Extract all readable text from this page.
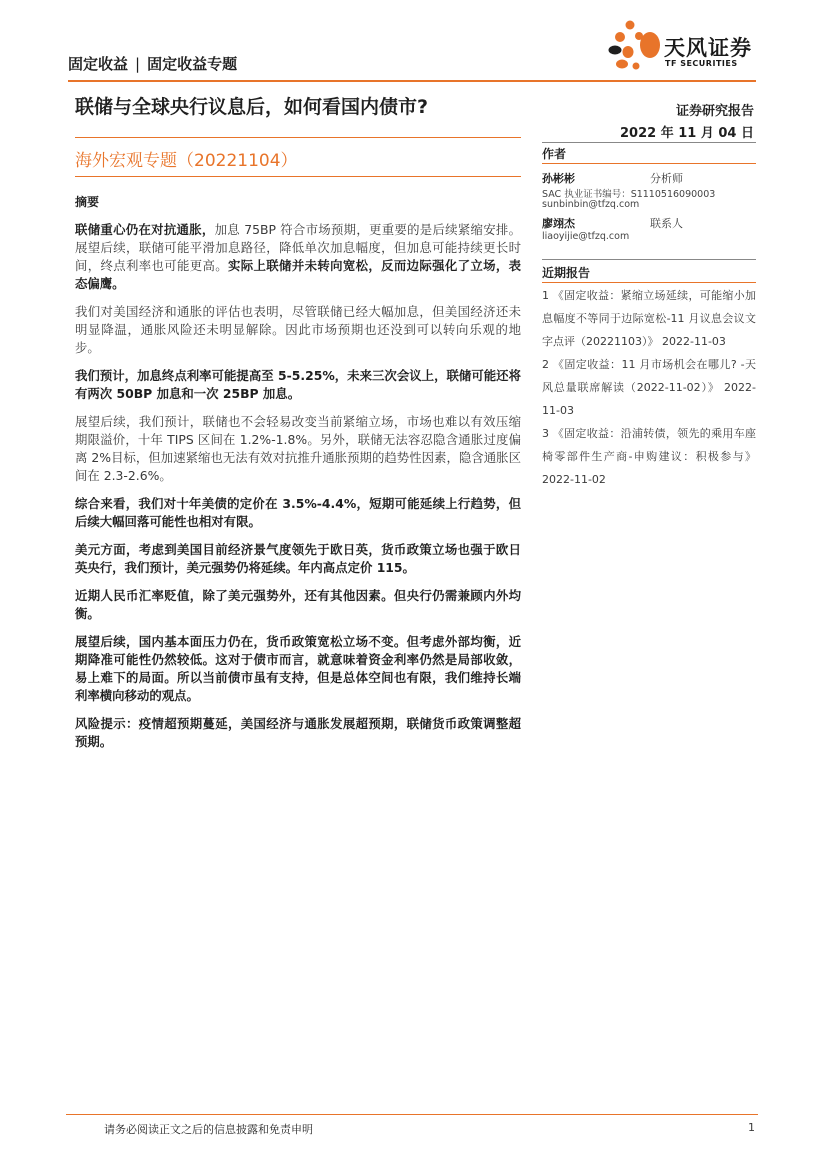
固定收益 | 固定收益专题
天风证券
TF SECURITIES
联储与全球央行议息后，如何看国内债市?	证券研究报告
2022 年 11 月 04 日
海外宏观专题（20221104）
摘要

联储重心仍在对抗通胀，加息 75BP 符合市场预期，更重要的是后续紧缩安排。展望后续，联储可能平滑加息路径，降低单次加息幅度，但加息可能持续更长时间，终点利率也可能更高。实际上联储并未转向宽松，反而边际强化了立场，表态偏鹰。

我们对美国经济和通胀的评估也表明，尽管联储已经大幅加息，但美国经济还未明显降温，通胀风险还未明显解除。因此市场预期也还没到可以转向乐观的地步。

我们预计，加息终点利率可能提高至 5-5.25%，未来三次会议上，联储可能还将有两次 50BP 加息和一次 25BP 加息。

展望后续，我们预计，联储也不会轻易改变当前紧缩立场，市场也难以有效压缩期限溢价，十年 TIPS 区间在 1.2%-1.8%。另外，联储无法容忍隐含通胀过度偏离 2%目标，但加速紧缩也无法有效对抗推升通胀预期的趋势性因素，隐含通胀区间在 2.3-2.6%。

综合来看，我们对十年美债的定价在 3.5%-4.4%，短期可能延续上行趋势，但后续大幅回落可能性也相对有限。

美元方面，考虑到美国目前经济景气度领先于欧日英，货币政策立场也强于欧日英央行，我们预计，美元强势仍将延续。年内高点定价 115。

近期人民币汇率贬值，除了美元强势外，还有其他因素。但央行仍需兼顾内外均衡。

展望后续，国内基本面压力仍在，货币政策宽松立场不变。但考虑外部均衡，近期降准可能性仍然较低。这对于债市而言，就意味着资金利率仍然是局部收敛，易上难下的局面。所以当前债市虽有支持，但是总体空间也有限，我们维持长端利率横向移动的观点。

风险提示：疫情超预期蔓延，美国经济与通胀发展超预期，联储货币政策调整超预期。

作者
孙彬彬	分析师
SAC 执业证书编号：S1110516090003
sunbinbin@tfzq.com
廖翊杰	联系人
liaoyijie@tfzq.com
近期报告
1 《固定收益：紧缩立场延续，可能缩小加息幅度不等同于边际宽松-11 月议息会议文字点评（20221103）》 2022-11-03
2 《固定收益：11 月市场机会在哪儿? -天风总量联席解读（2022-11-02）》 2022-11-03
3 《固定收益：沿浦转债，领先的乘用车座椅零部件生产商-申购建议：积极参与》 2022-11-02
请务必阅读正文之后的信息披露和免责申明	1
